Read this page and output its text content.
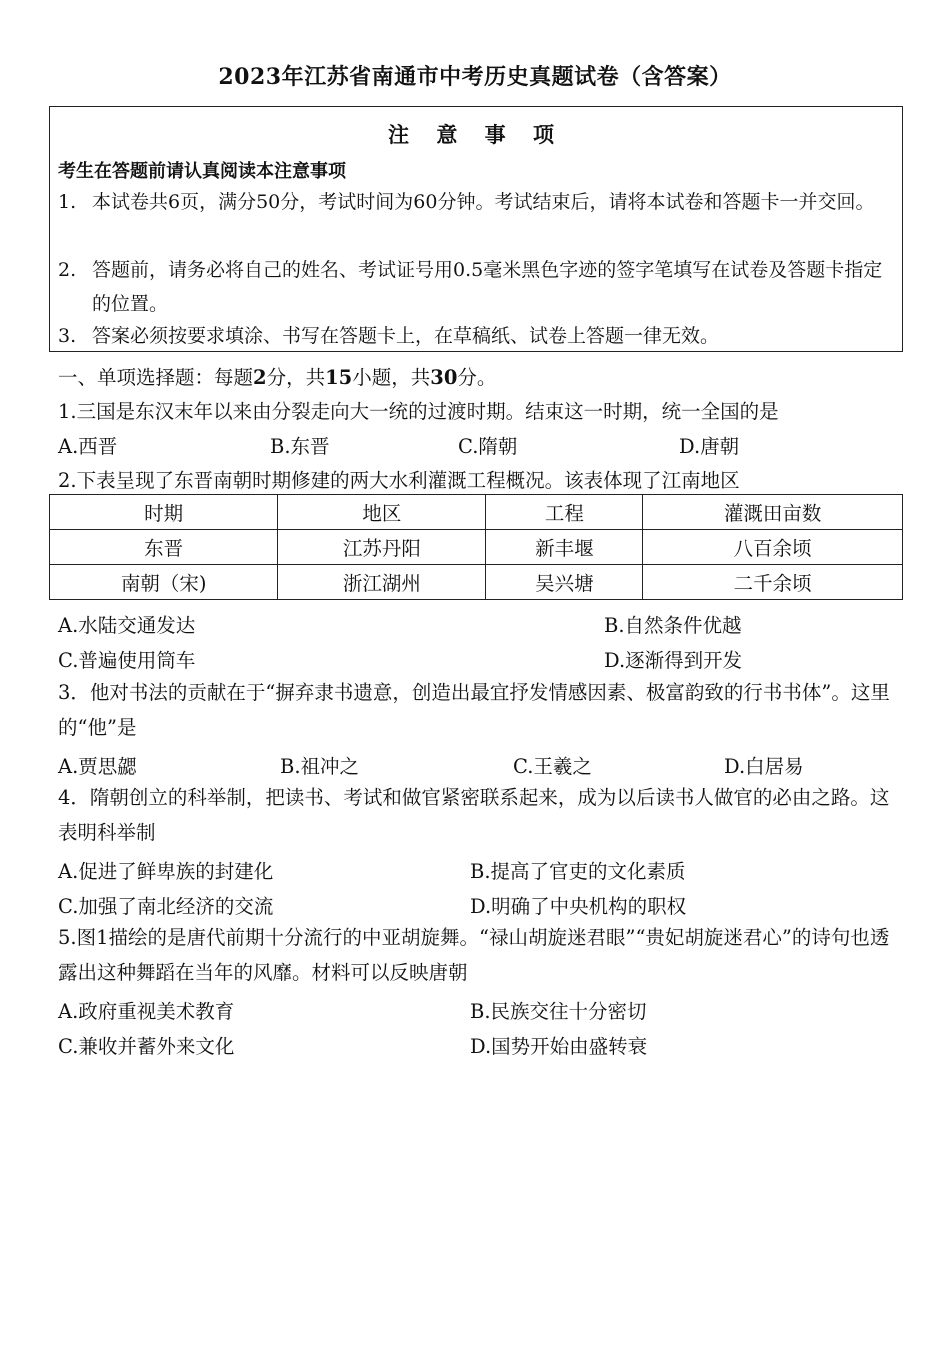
2023年江苏省南通市中考历史真题试卷（含答案）
注 意 事 项
考生在答题前请认真阅读本注意事项
1. 本试卷共6页，满分50分，考试时间为60分钟。考试结束后，请将本试卷和答题卡一并交回。
2. 答题前，请务必将自己的姓名、考试证号用0.5毫米黑色字迹的签字笔填写在试卷及答题卡指定的位置。
3. 答案必须按要求填涂、书写在答题卡上，在草稿纸、试卷上答题一律无效。
一、单项选择题：每题2分，共15小题，共30分。
1.三国是东汉末年以来由分裂走向大一统的过渡时期。结束这一时期，统一全国的是
A.西晋	B.东晋	C.隋朝	D.唐朝
2.下表呈现了东晋南朝时期修建的两大水利灌溉工程概况。该表体现了江南地区
时期	地区	工程	灌溉田亩数
东晋	江苏丹阳	新丰堰	八百余顷
南朝（宋)	浙江湖州	吴兴塘	二千余顷
A.水陆交通发达	B.自然条件优越
C.普遍使用筒车	D.逐渐得到开发
3．他对书法的贡献在于“摒弃隶书遗意，创造出最宜抒发情感因素、极富韵致的行书书体”。这里的“他”是
A.贾思勰	B.祖冲之	C.王羲之	D.白居易
4．隋朝创立的科举制，把读书、考试和做官紧密联系起来，成为以后读书人做官的必由之路。这表明科举制
A.促进了鲜卑族的封建化	B.提高了官吏的文化素质
C.加强了南北经济的交流	D.明确了中央机构的职权
5.图1描绘的是唐代前期十分流行的中亚胡旋舞。“禄山胡旋迷君眼”“贵妃胡旋迷君心”的诗句也透露出这种舞蹈在当年的风靡。材料可以反映唐朝
A.政府重视美术教育	B.民族交往十分密切
C.兼收并蓄外来文化	D.国势开始由盛转衰
